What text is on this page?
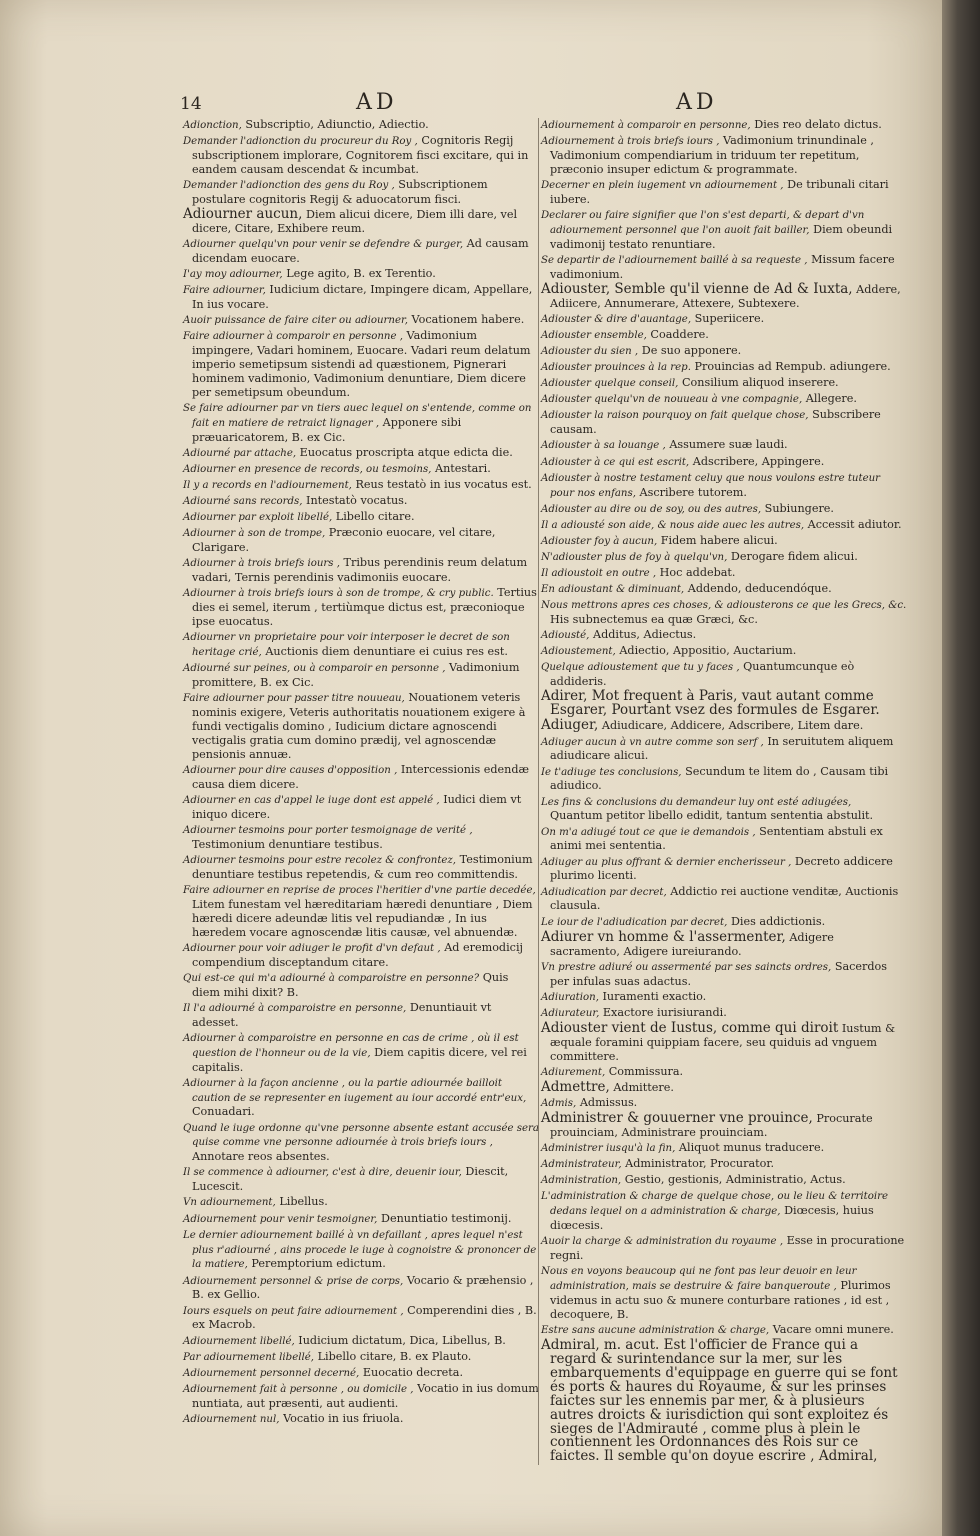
14	AD	AD
Adionction, Subscriptio, Adiunctio, Adiectio.
Demander l'adionction du procureur du Roy , Cognitoris Regij subscriptionem implorare, Cognitorem fisci excitare, qui in eandem causam descendat & incumbat.
Demander l'adionction des gens du Roy , Subscriptionem postulare cognitoris Regij & aduocatorum fisci.
Adiourner aucun, Diem alicui dicere, Diem illi dare, vel dicere, Citare, Exhibere reum.
Adiourner quelqu'vn pour venir se defendre & purger, Ad causam dicendam euocare.
I'ay moy adiourner, Lege agito, B. ex Terentio.
Faire adiourner, Iudicium dictare, Impingere dicam, Appellare, In ius vocare.
Auoir puissance de faire citer ou adiourner, Vocationem habere.
Faire adiourner à comparoir en personne , Vadimonium impingere, Vadari hominem, Euocare. Vadari reum delatum imperio semetipsum sistendi ad quæstionem, Pignerari hominem vadimonio, Vadimonium denuntiare, Diem dicere per semetipsum obeundum.
Se faire adiourner par vn tiers auec lequel on s'entende, comme on fait en matiere de retraict lignager , Apponere sibi præuaricatorem, B. ex Cic.
Adiourné par attache, Euocatus proscripta atque edicta die.
Adiourner en presence de records, ou tesmoins, Antestari.
Il y a records en l'adiournement, Reus testatò in ius vocatus est.
Adiourné sans records, Intestatò vocatus.
Adiourner par exploit libellé, Libello citare.
Adiourner à son de trompe, Præconio euocare, vel citare, Clarigare.
Adiourner à trois briefs iours , Tribus perendinis reum delatum vadari, Ternis perendinis vadimoniis euocare.
Adiourner à trois briefs iours à son de trompe, & cry public. Tertius dies ei semel, iterum , tertiùmque dictus est, præconioque ipse euocatus.
Adiourner vn proprietaire pour voir interposer le decret de son heritage crié, Auctionis diem denuntiare ei cuius res est.
Adiourné sur peines, ou à comparoir en personne , Vadimonium promittere, B. ex Cic.
Faire adiourner pour passer titre nouueau, Nouationem veteris nominis exigere, Veteris authoritatis nouationem exigere à fundi vectigalis domino , Iudicium dictare agnoscendi vectigalis gratia cum domino prædij, vel agnoscendæ pensionis annuæ.
Adiourner pour dire causes d'opposition , Intercessionis edendæ causa diem dicere.
Adiourner en cas d'appel le iuge dont est appelé , Iudici diem vt iniquo dicere.
Adiourner tesmoins pour porter tesmoignage de verité , Testimonium denuntiare testibus.
Adiourner tesmoins pour estre recolez & confrontez, Testimonium denuntiare testibus repetendis, & cum reo committendis.
Faire adiourner en reprise de proces l'heritier d'vne partie decedée, Litem funestam vel hæreditariam hæredi denuntiare , Diem hæredi dicere adeundæ litis vel repudiandæ , In ius hæredem vocare agnoscendæ litis causæ, vel abnuendæ.
Adiourner pour voir adiuger le profit d'vn defaut , Ad eremodicij compendium disceptandum citare.
Qui est-ce qui m'a adiourné à comparoistre en personne? Quis diem mihi dixit? B.
Il l'a adiourné à comparoistre en personne, Denuntiauit vt adesset.
Adiourner à comparoistre en personne en cas de crime , où il est question de l'honneur ou de la vie, Diem capitis dicere, vel rei capitalis.
Adiourner à la façon ancienne , ou la partie adiournée bailloit caution de se representer en iugement au iour accordé entr'eux, Conuadari.
Quand le iuge ordonne qu'vne personne absente estant accusée sera quise comme vne personne adiournée à trois briefs iours , Annotare reos absentes.
Il se commence à adiourner, c'est à dire, deuenir iour, Diescit, Lucescit.
Vn adiournement, Libellus.
Adiournement pour venir tesmoigner, Denuntiatio testimonij.
Le dernier adiournement baillé à vn defaillant , apres lequel n'est plus r'adiourné , ains procede le iuge à cognoistre & prononcer de la matiere, Peremptorium edictum.
Adiournement personnel & prise de corps, Vocario & præhensio , B. ex Gellio.
Iours esquels on peut faire adiournement , Comperendini dies , B. ex Macrob.
Adiournement libellé, Iudicium dictatum, Dica, Libellus, B.
Par adiournement libellé, Libello citare, B. ex Plauto.
Adiournement personnel decerné, Euocatio decreta.
Adiournement fait à personne , ou domicile , Vocatio in ius domum nuntiata, aut præsenti, aut audienti.
Adiournement nul, Vocatio in ius friuola.
Adiournement à comparoir en personne, Dies reo delato dictus.
Adiournement à trois briefs iours , Vadimonium trinundinale , Vadimonium compendiarium in triduum ter repetitum, præconio insuper edictum & programmate.
Decerner en plein iugement vn adiournement , De tribunali citari iubere.
Declarer ou faire signifier que l'on s'est departi, & depart d'vn adiournement personnel que l'on auoit fait bailler, Diem obeundi vadimonij testato renuntiare.
Se departir de l'adiournement baillé à sa requeste , Missum facere vadimonium.
Adiouster, Semble qu'il vienne de Ad & Iuxta, Addere, Adiicere, Annumerare, Attexere, Subtexere.
Adiouster & dire d'auantage, Superiicere.
Adiouster ensemble, Coaddere.
Adiouster du sien , De suo apponere.
Adiouster prouinces à la rep. Prouincias ad Rempub. adiungere.
Adiouster quelque conseil, Consilium aliquod inserere.
Adiouster quelqu'vn de nouueau à vne compagnie, Allegere.
Adiouster la raison pourquoy on fait quelque chose, Subscribere causam.
Adiouster à sa louange , Assumere suæ laudi.
Adiouster à ce qui est escrit, Adscribere, Appingere.
Adiouster à nostre testament celuy que nous voulons estre tuteur pour nos enfans, Ascribere tutorem.
Adiouster au dire ou de soy, ou des autres, Subiungere.
Il a adiousté son aide, & nous aide auec les autres, Accessit adiutor.
Adiouster foy à aucun, Fidem habere alicui.
N'adiouster plus de foy à quelqu'vn, Derogare fidem alicui.
Il adioustoit en outre , Hoc addebat.
En adioustant & diminuant, Addendo, deducendóque.
Nous mettrons apres ces choses, & adiousterons ce que les Grecs, &c. His subnectemus ea quæ Græci, &c.
Adiousté, Additus, Adiectus.
Adioustement, Adiectio, Appositio, Auctarium.
Quelque adioustement que tu y faces , Quantumcunque eò addideris.
Adirer, Mot frequent à Paris, vaut autant comme Esgarer, Pourtant vsez des formules de Esgarer.
Adiuger, Adiudicare, Addicere, Adscribere, Litem dare.
Adiuger aucun à vn autre comme son serf , In seruitutem aliquem adiudicare alicui.
Ie t'adiuge tes conclusions, Secundum te litem do , Causam tibi adiudico.
Les fins & conclusions du demandeur luy ont esté adiugées, Quantum petitor libello edidit, tantum sententia abstulit.
On m'a adiugé tout ce que ie demandois , Sententiam abstuli ex animi mei sententia.
Adiuger au plus offrant & dernier encherisseur , Decreto addicere plurimo licenti.
Adiudication par decret, Addictio rei auctione venditæ, Auctionis clausula.
Le iour de l'adiudication par decret, Dies addictionis.
Adiurer vn homme & l'assermenter, Adigere sacramento, Adigere iureiurando.
Vn prestre adiuré ou assermenté par ses saincts ordres, Sacerdos per infulas suas adactus.
Adiuration, Iuramenti exactio.
Adiurateur, Exactore iurisiurandi.
Adiouster vient de Iustus, comme qui diroit Iustum & æquale foramini quippiam facere, seu quiduis ad vnguem committere.
Adiurement, Commissura.
Admettre, Admittere.
Admis, Admissus.
Administrer & gouuerner vne prouince, Procurate prouinciam, Administrare prouinciam.
Administrer iusqu'à la fin, Aliquot munus traducere.
Administrateur, Administrator, Procurator.
Administration, Gestio, gestionis, Administratio, Actus.
L'administration & charge de quelque chose, ou le lieu & territoire dedans lequel on a administration & charge, Diœcesis, huius diœcesis.
Auoir la charge & administration du royaume , Esse in procuratione regni.
Nous en voyons beaucoup qui ne font pas leur deuoir en leur administration, mais se destruire & faire banqueroute , Plurimos videmus in actu suo & munere conturbare rationes , id est , decoquere, B.
Estre sans aucune administration & charge, Vacare omni munere.
Admiral, m. acut. Est l'officier de France qui a regard & surintendance sur la mer, sur les embarquements d'equippage en guerre qui se font és ports & haures du Royaume, & sur les prinses faictes sur les ennemis par mer, & à plusieurs autres droicts & iurisdiction qui sont exploitez és sieges de l'Admirauté , comme plus à plein le contiennent les Ordonnances des Rois sur ce faictes. Il semble qu'on doyue escrire , Admiral,
